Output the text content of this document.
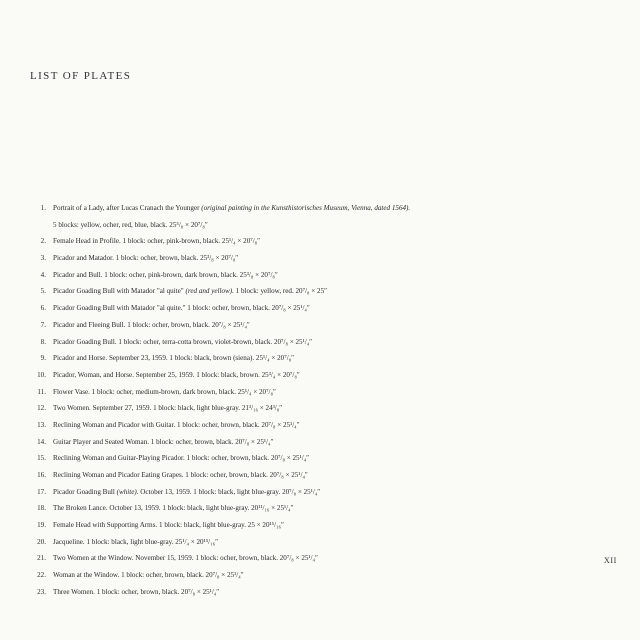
LIST OF PLATES
1. Portrait of a Lady, after Lucas Cranach the Younger (original painting in the Kunsthistorisches Museum, Vienna, dated 1564).
5 blocks: yellow, ocher, red, blue, black. 25⁵/₈ × 20⁷/₈″
2. Female Head in Profile. 1 block: ocher, pink-brown, black. 25¹/₄ × 20⁷/₈″
3. Picador and Matador. 1 block: ocher, brown, black. 25³/₈ × 20⁷/₈″
4. Picador and Bull. 1 block: ocher, pink-brown, dark brown, black. 25³/₈ × 20⁷/₈″
5. Picador Goading Bull with Matador "al quite" (red and yellow). 1 block: yellow, red. 20⁷/₈ × 25″
6. Picador Goading Bull with Matador "al quite." 1 block: ocher, brown, black. 20⁷/₈ × 25¹/₄″
7. Picador and Fleeing Bull. 1 block: ocher, brown, black. 20⁷/₈ × 25¹/₄″
8. Picador Goading Bull. 1 block: ocher, terra-cotta brown, violet-brown, black. 20⁷/₈ × 25¹/₄″
9. Picador and Horse. September 23, 1959. 1 block: black, brown (siena). 25¹/₄ × 20⁷/₈″
10. Picador, Woman, and Horse. September 25, 1959. 1 block: black, brown. 25³/₄ × 20⁷/₈″
11. Flower Vase. 1 block: ocher, medium-brown, dark brown, black. 25¹/₄ × 20⁷/₈″
12. Two Women. September 27, 1959. 1 block: black, light blue-gray. 21³/₁₆ × 24³/₈″
13. Reclining Woman and Picador with Guitar. 1 block: ocher, brown, black. 20⁷/₈ × 25¹/₄″
14. Guitar Player and Seated Woman. 1 block: ocher, brown, black. 20⁷/₈ × 25¹/₄″
15. Reclining Woman and Guitar-Playing Picador. 1 block: ocher, brown, black. 20⁷/₈ × 25¹/₄″
16. Reclining Woman and Picador Eating Grapes. 1 block: ocher, brown, black. 20⁷/₈ × 25¹/₄″
17. Picador Goading Bull (white). October 13, 1959. 1 block: black, light blue-gray. 20⁷/₈ × 25¹/₄″
18. The Broken Lance. October 13, 1959. 1 block: black, light blue-gray. 20¹¹/₁₆ × 25¹/₄″
19. Female Head with Supporting Arms. 1 block: black, light blue-gray. 25 × 20¹⁵/₁₆″
20. Jacqueline. 1 block: black, light blue-gray. 25¹/₄ × 20¹⁵/₁₆″
21. Two Women at the Window. November 15, 1959. 1 block: ocher, brown, black. 20⁷/₈ × 25¹/₄″
22. Woman at the Window. 1 block: ocher, brown, black. 20⁷/₈ × 25¹/₄″
23. Three Women. 1 block: ocher, brown, black. 20⁷/₈ × 25¹/₄″
XII
